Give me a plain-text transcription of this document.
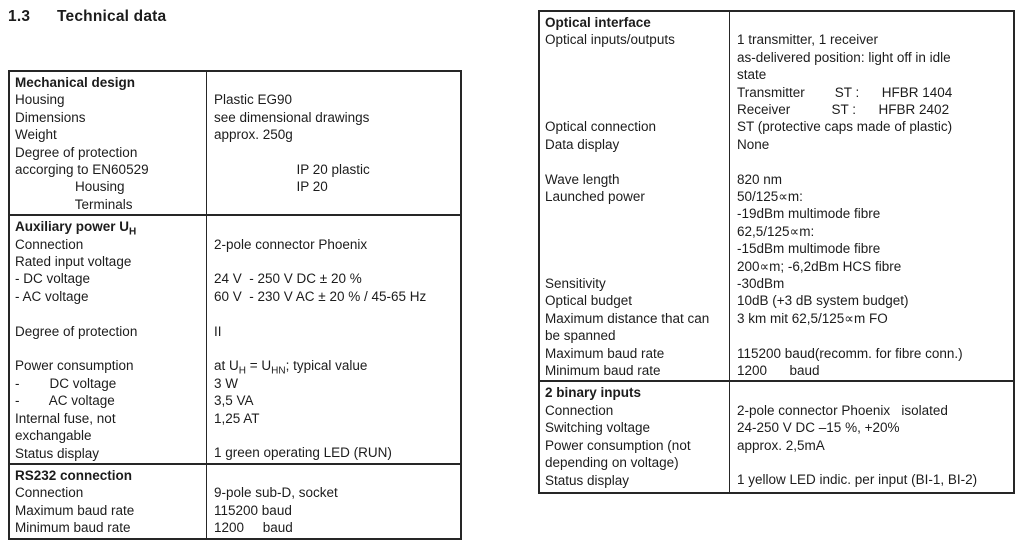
1.3 Technical data
Mechanical design
Housing
Dimensions
Weight
Degree of protection
accorging to EN60529
Housing
Terminals
Plastic EG90
see dimensional drawings
approx. 250g
IP 20 plastic
IP 20
Auxiliary power $U_H$
Connection
Rated input voltage
- DC voltage
- AC voltage
Degree of protection
Power consumption
-        DC voltage
-        AC voltage
Internal fuse, not
exchangable
Status display
2-pole connector Phoenix
24 V  - 250 V DC ± 20 %
60 V  - 230 V AC ± 20 % / 45-65 Hz
II
at $U_H = U_{HN}$; typical value
3 W
3,5 VA
1,25 AT
1 green operating LED (RUN)
RS232 connection
Connection
Maximum baud rate
Minimum baud rate
9-pole sub-D, socket
115200 baud
1200     baud
Optical interface
Optical inputs/outputs
Optical connection
Data display
Wave length
Launched power
Sensitivity
Optical budget
Maximum distance that can
be spanned
Maximum baud rate
Minimum baud rate
1 transmitter, 1 receiver
as-delivered position: light off in idle
state
Transmitter        ST :      HFBR 1404
Receiver           ST :      HFBR 2402
ST (protective caps made of plastic)
None
820 nm
50/125∝m:
-19dBm multimode fibre
62,5/125∝m:
-15dBm multimode fibre
200∝m; -6,2dBm HCS fibre
-30dBm
10dB (+3 dB system budget)
3 km mit 62,5/125∝m FO
115200 baud(recomm. for fibre conn.)
1200      baud
2 binary inputs
Connection
Switching voltage
Power consumption (not
depending on voltage)
Status display
2-pole connector Phoenix   isolated
24-250 V DC –15 %, +20%
approx. 2,5mA
1 yellow LED indic. per input (BI-1, BI-2)
